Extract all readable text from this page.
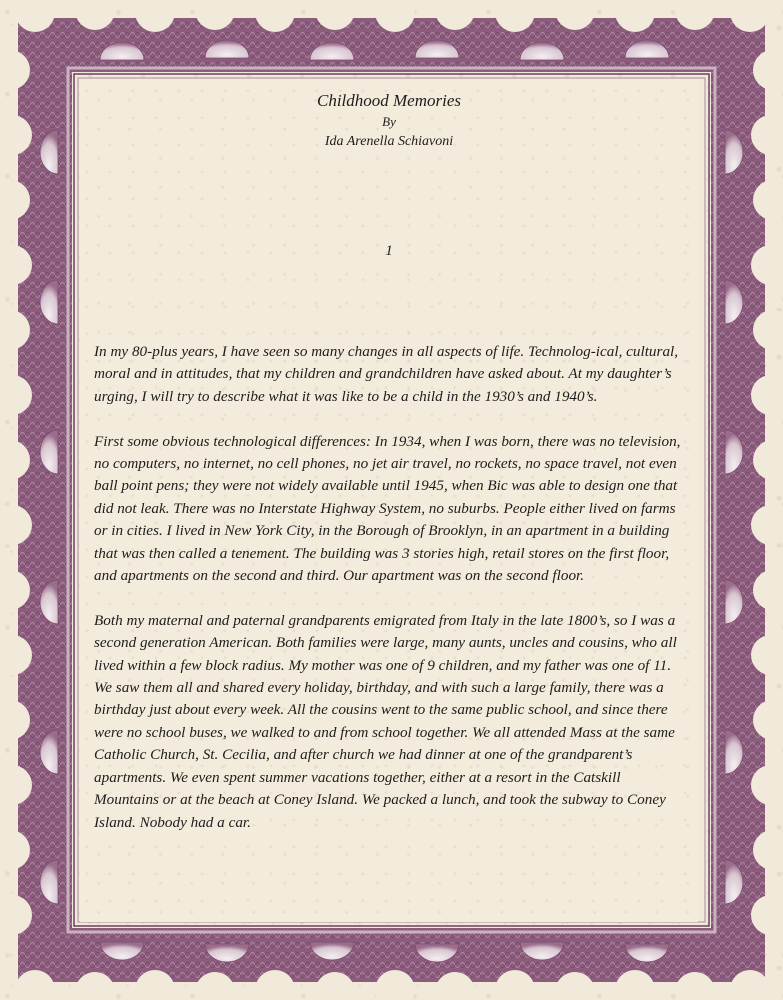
Childhood Memories
By
Ida Arenella Schiavoni
1

In my 80-plus years, I have seen so many changes in all aspects of life. Technolog-ical, cultural, moral and in attitudes, that my children and grandchildren have asked about. At my daughter’s urging, I will try to describe what it was like to be a child in the 1930’s and 1940’s.

First some obvious technological differences: In 1934, when I was born, there was no television, no computers, no internet, no cell phones, no jet air travel, no rockets, no space travel, not even ball point pens; they were not widely available until 1945, when Bic was able to design one that did not leak. There was no Interstate Highway System, no suburbs. People either lived on farms or in cities. I lived in New York City, in the Borough of Brooklyn, in an apartment in a building that was then called a tenement. The building was 3 stories high, retail stores on the first floor, and apartments on the second and third. Our apartment was on the second floor.

Both my maternal and paternal grandparents emigrated from Italy in the late 1800’s, so I was a second generation American. Both families were large, many aunts, uncles and cousins, who all lived within a few block radius. My mother was one of 9 children, and my father was one of 11. We saw them all and shared every holiday, birthday, and with such a large family, there was a birthday just about every week. All the cousins went to the same public school, and since there were no school buses, we walked to and from school together. We all attended Mass at the same Catholic Church, St. Cecilia, and after church we had dinner at one of the grandparent’s apartments. We even spent summer vacations together, either at a resort in the Catskill Mountains or at the beach at Coney Island. We packed a lunch, and took the subway to Coney Island. Nobody had a car.
